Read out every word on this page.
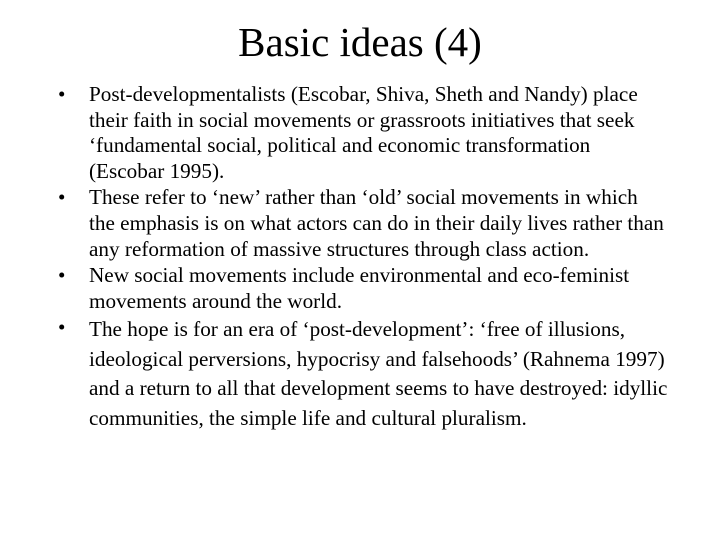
Basic ideas (4)
•	Post-developmentalists (Escobar, Shiva, Sheth and Nandy) place their faith in social movements or grassroots initiatives that seek ‘fundamental social, political and economic transformation (Escobar 1995).
•	These refer to ‘new’ rather than ‘old’ social movements in which the emphasis is on what actors can do in their daily lives rather than any reformation of massive structures through class action.
•	New social movements include environmental and eco-feminist movements around the world.
•	The hope is for an era of ‘post-development’: ‘free of illusions, ideological perversions, hypocrisy and falsehoods’ (Rahnema 1997) and a return to all that development seems to have destroyed: idyllic communities, the simple life and cultural pluralism.
